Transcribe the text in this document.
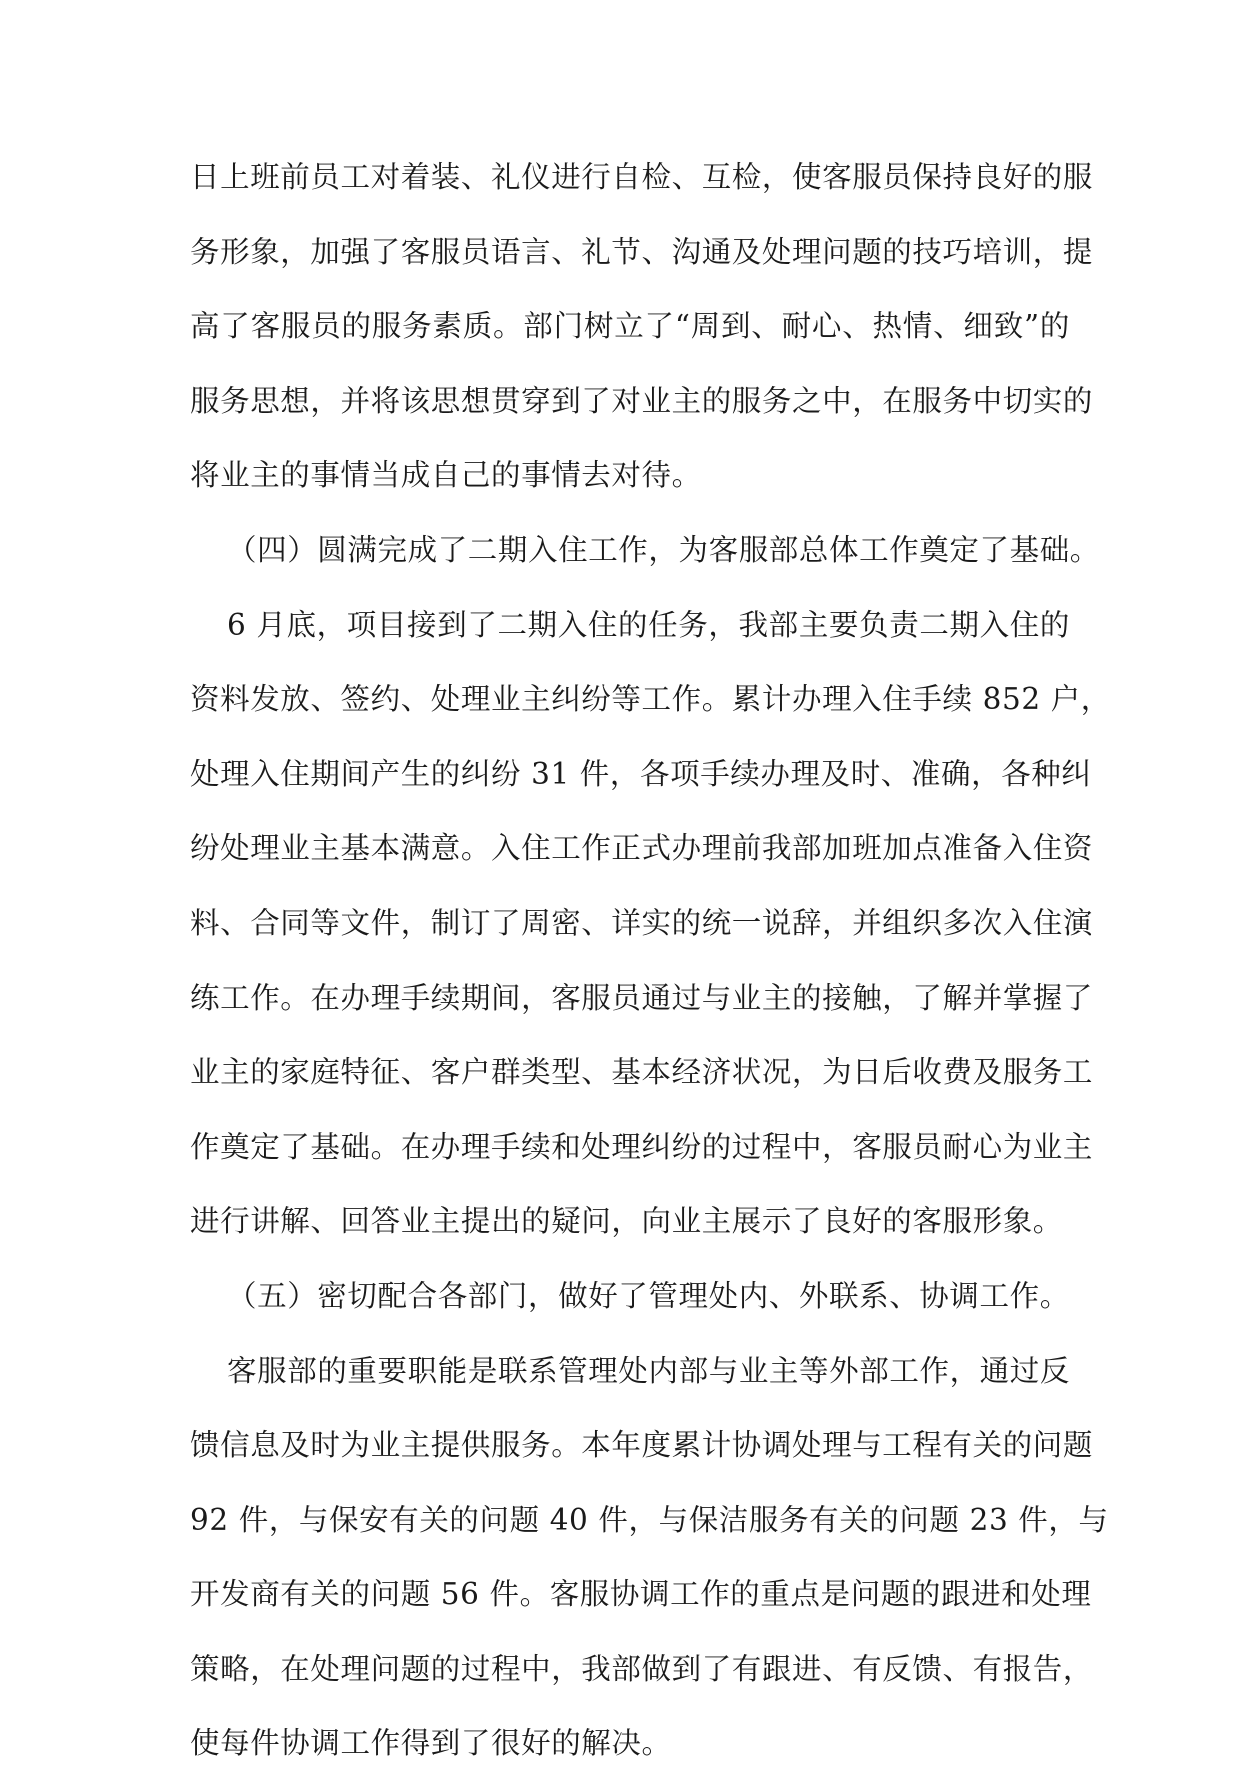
日上班前员工对着装、礼仪进行自检、互检，使客服员保持良好的服
务形象，加强了客服员语言、礼节、沟通及处理问题的技巧培训，提
高了客服员的服务素质。部门树立了“周到、耐心、热情、细致”的
服务思想，并将该思想贯穿到了对业主的服务之中，在服务中切实的
将业主的事情当成自己的事情去对待。
（四）圆满完成了二期入住工作，为客服部总体工作奠定了基础。
6 月底，项目接到了二期入住的任务，我部主要负责二期入住的
资料发放、签约、处理业主纠纷等工作。累计办理入住手续 852 户，
处理入住期间产生的纠纷 31 件，各项手续办理及时、准确，各种纠
纷处理业主基本满意。入住工作正式办理前我部加班加点准备入住资
料、合同等文件，制订了周密、详实的统一说辞，并组织多次入住演
练工作。在办理手续期间，客服员通过与业主的接触，了解并掌握了
业主的家庭特征、客户群类型、基本经济状况，为日后收费及服务工
作奠定了基础。在办理手续和处理纠纷的过程中，客服员耐心为业主
进行讲解、回答业主提出的疑问，向业主展示了良好的客服形象。
（五）密切配合各部门，做好了管理处内、外联系、协调工作。
客服部的重要职能是联系管理处内部与业主等外部工作，通过反
馈信息及时为业主提供服务。本年度累计协调处理与工程有关的问题
92 件，与保安有关的问题 40 件，与保洁服务有关的问题 23 件，与
开发商有关的问题 56 件。客服协调工作的重点是问题的跟进和处理
策略，在处理问题的过程中，我部做到了有跟进、有反馈、有报告，
使每件协调工作得到了很好的解决。
